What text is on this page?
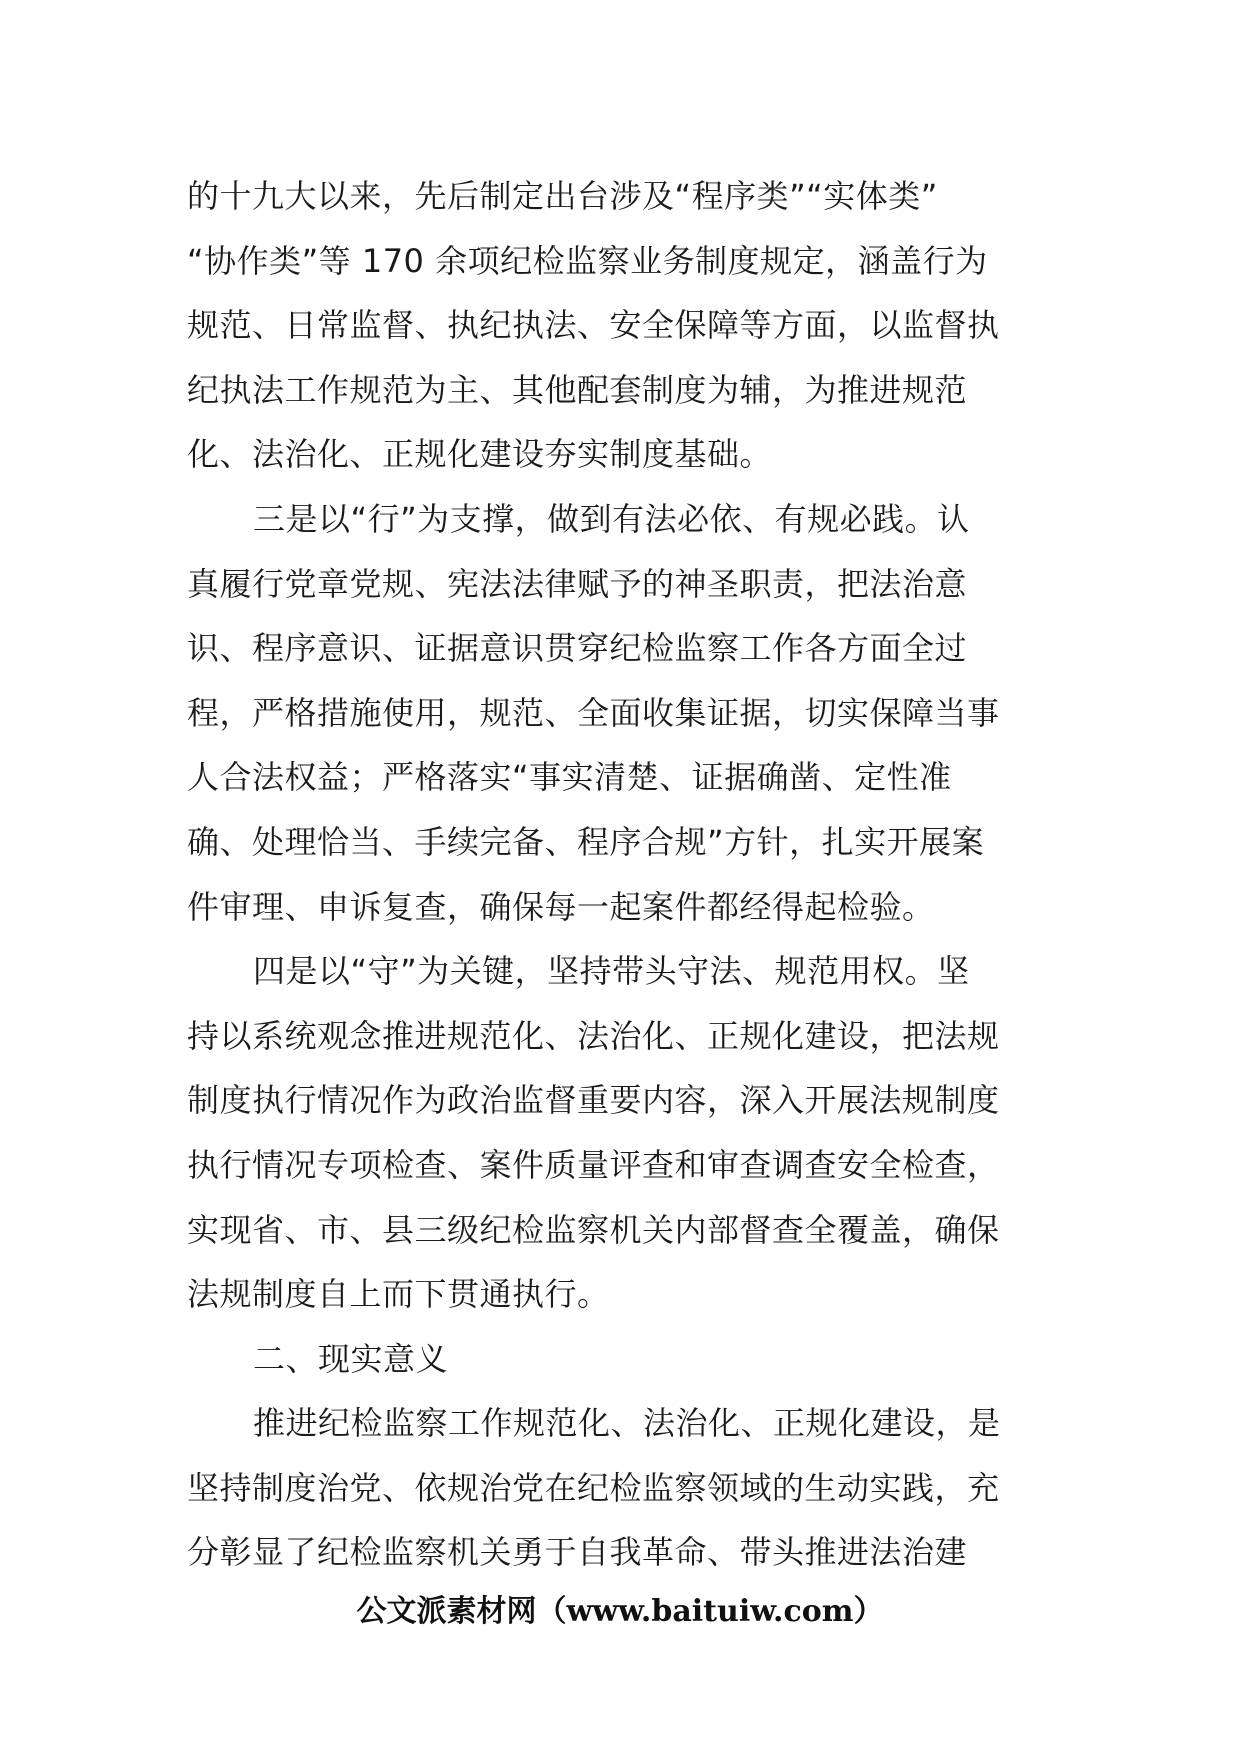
的十九大以来，先后制定出台涉及“程序类”“实体类”
“协作类”等 170 余项纪检监察业务制度规定，涵盖行为
规范、日常监督、执纪执法、安全保障等方面，以监督执
纪执法工作规范为主、其他配套制度为辅，为推进规范
化、法治化、正规化建设夯实制度基础。
三是以“行”为支撑，做到有法必依、有规必践。认
真履行党章党规、宪法法律赋予的神圣职责，把法治意
识、程序意识、证据意识贯穿纪检监察工作各方面全过
程，严格措施使用，规范、全面收集证据，切实保障当事
人合法权益；严格落实“事实清楚、证据确凿、定性准
确、处理恰当、手续完备、程序合规”方针，扎实开展案
件审理、申诉复查，确保每一起案件都经得起检验。
四是以“守”为关键，坚持带头守法、规范用权。坚
持以系统观念推进规范化、法治化、正规化建设，把法规
制度执行情况作为政治监督重要内容，深入开展法规制度
执行情况专项检查、案件质量评查和审查调查安全检查，
实现省、市、县三级纪检监察机关内部督查全覆盖，确保
法规制度自上而下贯通执行。
二、现实意义
推进纪检监察工作规范化、法治化、正规化建设，是
坚持制度治党、依规治党在纪检监察领域的生动实践，充
分彰显了纪检监察机关勇于自我革命、带头推进法治建
公文派素材网（www.baituiw.com）
